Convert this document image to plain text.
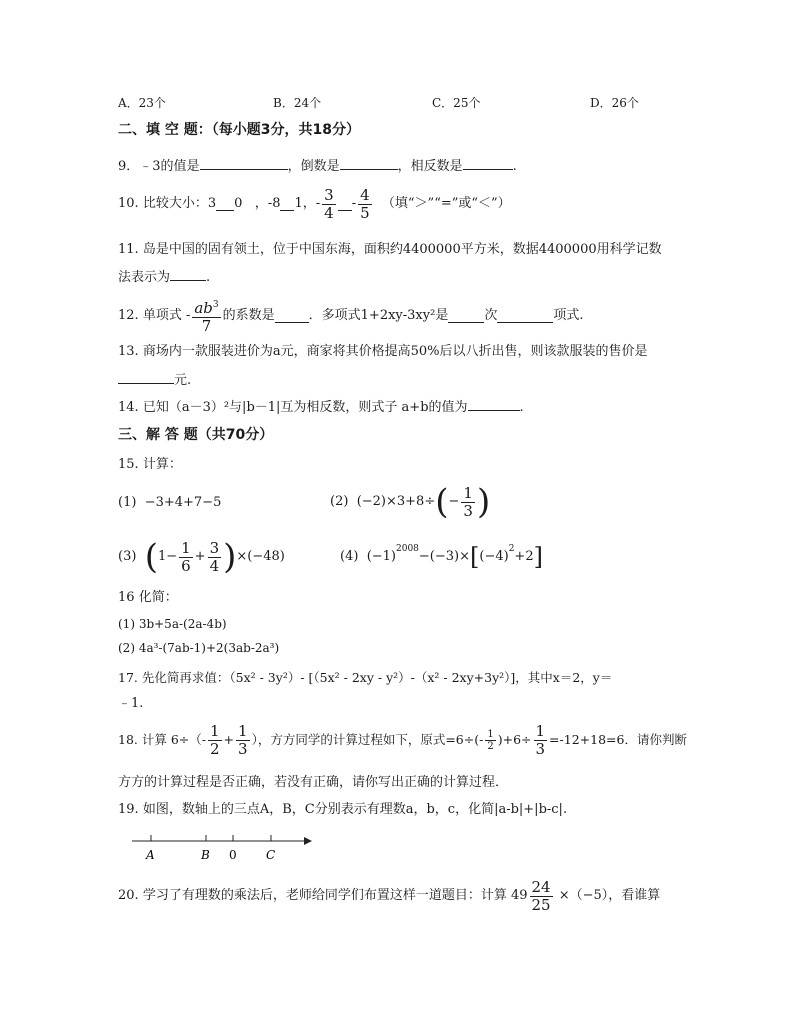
A．23个	B．24个	C．25个	D．26个
二、填 空 题：（每小题3分，共18分）
9．﹣3的值是	，倒数是	，相反数是	.
10.
比较大小：3 0
，-8 1，- $\frac{3}{4} - \frac{4}{5}$
（填“＞”“=”或“＜”）
11. 岛是中国的固有领土，位于中国东海，面积约4400000平方米，数据4400000用科学记数
法表示为	.
12.
单项式 - $\frac{ab^3}{7}$ 的系数是	．多项式1+2xy-3xy²是	次	项式.
13. 商场内一款服装进价为a元，商家将其价格提高50%后以八折出售，则该款服装的售价是
元.
14. 已知（a－3）²与|b－1|互为相反数，则式子 a+b的值为	.
三、解 答 题（共70分）
15. 计算：
(1) −3+4+7−5	(2)
(−2)×3+8÷ ( − $\frac{1}{3}$ )
(3)
( $1- \frac{1}{6} + \frac{3}{4}$ ) ×(−48)	(4)
$(-1)^{2008} -(-3)\times$ [ $(-4)^2 +2$ ]
16 化简：
(1) 3b+5a-(2a-4b)
(2) 4a³-(7ab-1)+2(3ab-2a³)
17. 先化简再求值：（5x² - 3y²）- [（5x² - 2xy - y²）-（x² - 2xy+3y²）]，其中x＝2，y＝
﹣1.
18.
计算 $6\div(- \frac{1}{2} + \frac{1}{3}$ ），方方同学的计算过程如下，原式$=6\div(- \frac{1}{2} )+6\div \frac{1}{3} =-12+18=6$．请你判断
方方的计算过程是否正确，若没有正确，请你写出正确的计算过程．
19. 如图，数轴上的三点A，B，C分别表示有理数a，b，c，化简|a-b|+|b-c|.
A	B 0 C
20.
学习了有理数的乘法后，老师给同学们布置这样一道题目：计算 $49 \frac{24}{25}$
×（−5），看谁算
